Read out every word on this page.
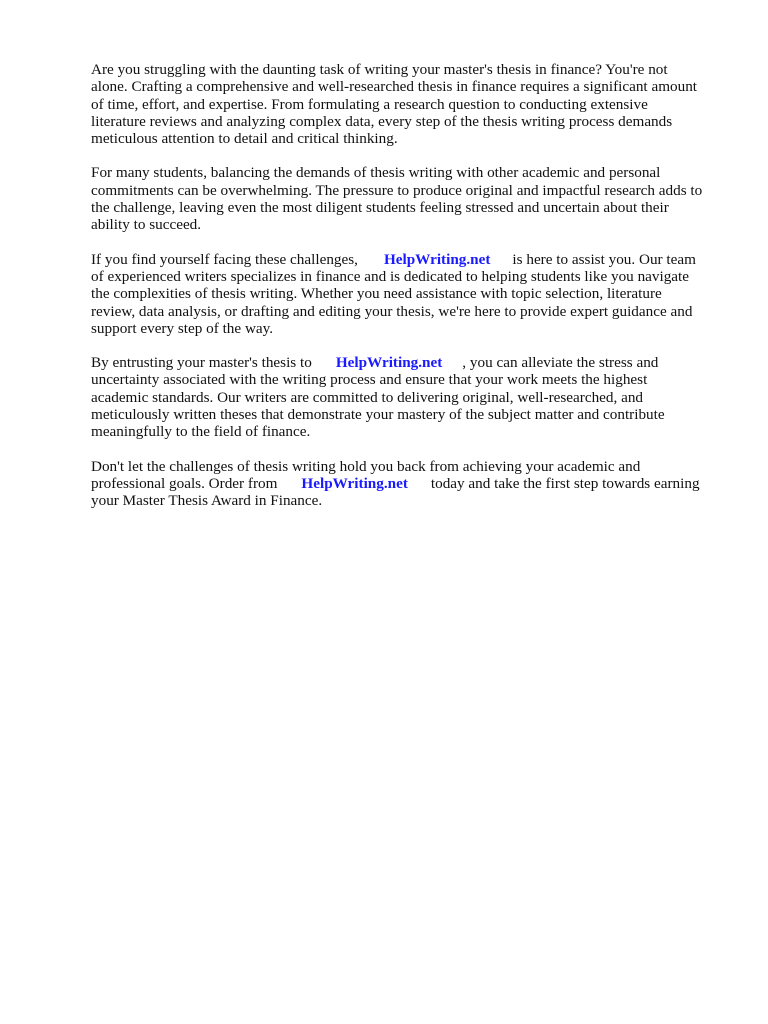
Are you struggling with the daunting task of writing your master's thesis in finance? You're not
alone. Crafting a comprehensive and well-researched thesis in finance requires a significant amount
of time, effort, and expertise. From formulating a research question to conducting extensive
literature reviews and analyzing complex data, every step of the thesis writing process demands
meticulous attention to detail and critical thinking.

For many students, balancing the demands of thesis writing with other academic and personal
commitments can be overwhelming. The pressure to produce original and impactful research adds to
the challenge, leaving even the most diligent students feeling stressed and uncertain about their
ability to succeed.

If you find yourself facing these challenges, HelpWriting.net is here to assist you. Our team
of experienced writers specializes in finance and is dedicated to helping students like you navigate
the complexities of thesis writing. Whether you need assistance with topic selection, literature
review, data analysis, or drafting and editing your thesis, we're here to provide expert guidance and
support every step of the way.

By entrusting your master's thesis to HelpWriting.net , you can alleviate the stress and
uncertainty associated with the writing process and ensure that your work meets the highest
academic standards. Our writers are committed to delivering original, well-researched, and
meticulously written theses that demonstrate your mastery of the subject matter and contribute
meaningfully to the field of finance.

Don't let the challenges of thesis writing hold you back from achieving your academic and
professional goals. Order from HelpWriting.net today and take the first step towards earning
your Master Thesis Award in Finance.
